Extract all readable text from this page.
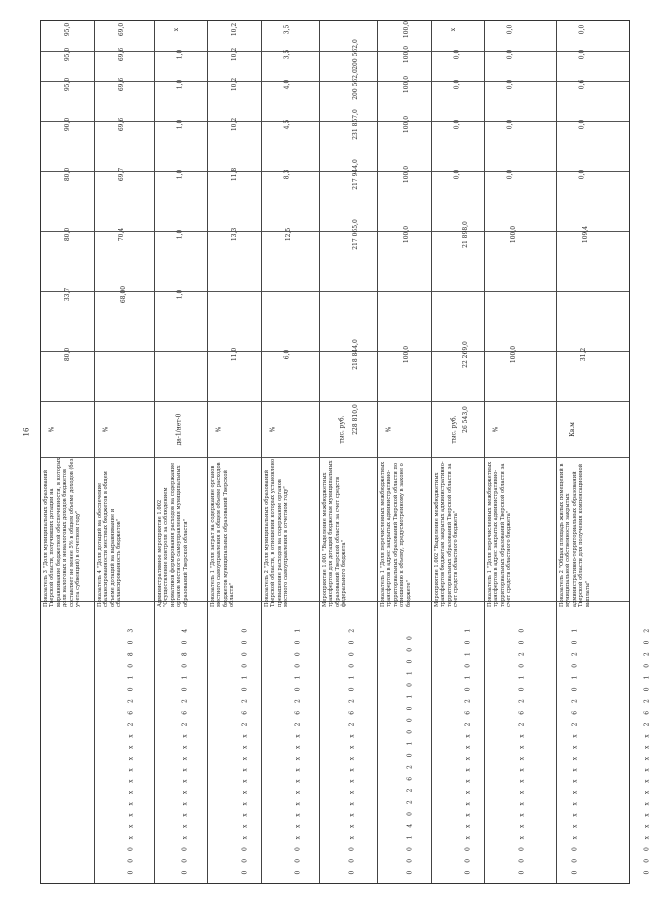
16
0 0 0 x x x x x x x x x x 2 6 2 0 1 0 8 0 3
Показатель 3 "Доля муниципальных образований Тверской области, получивших дотации на выравнивание бюджетной обеспеченности, в которых доля налоговых и неналоговых доходов бюджетов составляет не менее 5% в общем объеме доходов (без учета субвенций) в отчетном году"
%
80,0
33,7
80,0
80,0
90,0
95,0
95,0
95,0
0 0 0 x x x x x x x x x x 2 6 2 0 1 0 8 0 4
Показатель 4 "Доля дотаций на обеспечение сбалансированности местных бюджетов в общем объеме дотаций на выравнивание и сбалансированность бюджетов"
%
68,00
70,4
69,7
69,6
69,6
69,6
69,0
0 0 0 x x x x x x x x x x 2 6 2 0 1 0 0 0 0
Административное мероприятие 1.002 "Осуществление контроля за соблюдением нормативов формирования расходов на содержание органов местного самоуправления муниципальных образований Тверской области"
да-1/нет-0
1,0
1,0
1,0
1,0
1,0
1,0
x
0 0 0 x x x x x x x x x x 2 6 2 0 1 0 0 0 1
Показатель 1 "Доля затрат на содержание органов местного самоуправления в общем объеме расходов бюджетов муниципальных образований Тверской области"
%
11,0
13,3
11,8
10,2
10,2
10,2
10,2
0 0 0 x x x x x x x x x x 2 6 2 0 1 0 0 0 2
Показатель 2 "Доля муниципальных образований Тверской области, в отношении которых установлено превышение расходов на содержание органов местного самоуправления в отчетном году"
%
6,0
12,5
8,3
4,5
4,0
3,5
3,5
0 0 0 1 4 0 2 2 6 2 0 1 0 0 0 1 0 1 0 0 0
Мероприятие 1.001 "Выделение межбюджетных трансфертов для дотаций бюджетам муниципальных образований Тверской области за счет средств федерального бюджета"
тыс. руб. 228 810,0
218 844,0
217 065,0
217 944,0
231 857,0
200 562,0
200 562,0
0 0 0 x x x x x x x x x x 2 6 2 0 1 0 1 0 1
Показатель 1 "Доля перечисленных межбюджетных трансфертов в адрес закрытых административно-территориальных образований Тверской области по отношению к объему, предусмотренному в законе о бюджете"
%
100,0
100,0
100,0
100,0
100,0
100,0
100,0
0 0 0 x x x x x x x x x x 2 6 2 0 1 0 2 0 0
Мероприятие 1.002 "Выделение межбюджетных трансфертов бюджетам закрытых административно-территориальных образований Тверской области за счет средств областного бюджета"
тыс. руб. 26 543,0
22 269,0
21 898,0
0,0
0,0
0,0
0,0
x
0 0 0 x x x x x x x x x x 2 6 2 0 1 0 2 0 1
Показатель 1 "Доля перечисленных межбюджетных трансфертов в адрес закрытых административно-территориальных образований Тверской области за счет средств областного бюджета"
%
100,0
100,0
0,0
0,0
0,0
0,0
0,0
0 0 0 x x x x x x x x x x 2 6 2 0 1 0 2 0 2
Показатель 2 "Общая площадь жилых помещений в муниципальной собственности закрытых административно-территориальных образований Тверской области для получения компенсационной выплаты"
Кв.м
31,2
109,4
0,0
0,0
0,6
0,0
0,0
